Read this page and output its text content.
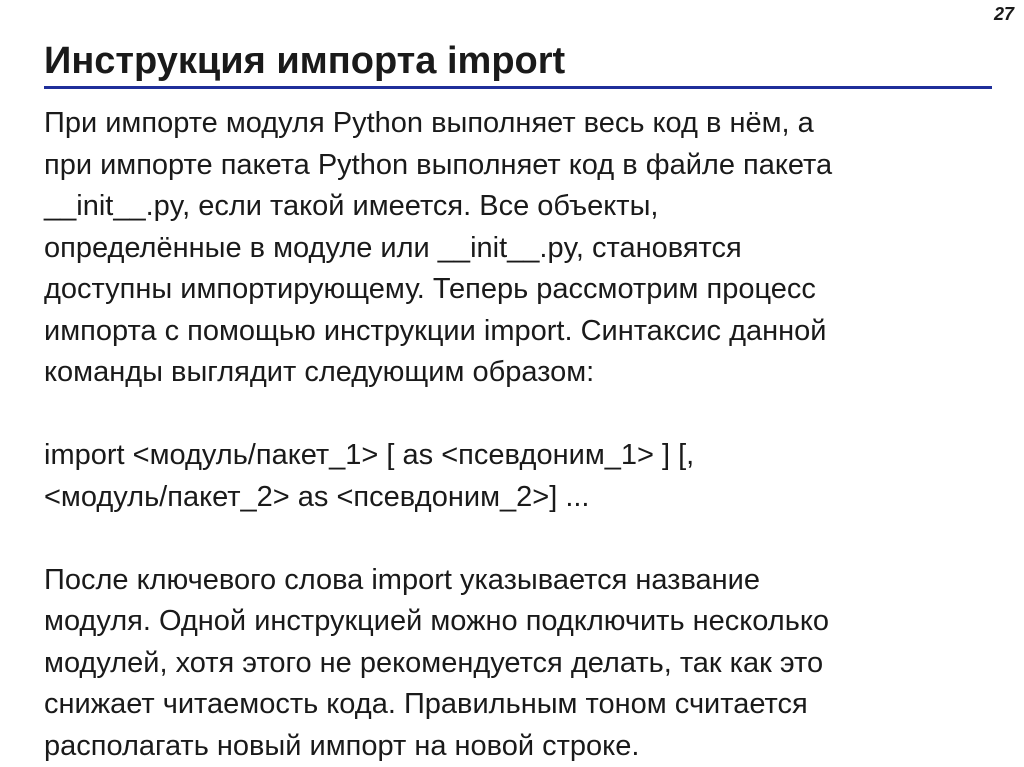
27
Инструкция импорта import
При импорте модуля Python выполняет весь код в нём, а
при импорте пакета Python выполняет код в файле пакета
__init__.py, если такой имеется. Все объекты,
определённые в модуле или __init__.py, становятся
доступны импортирующему. Теперь рассмотрим процесс
импорта с помощью инструкции import. Синтаксис данной
команды выглядит следующим образом:
import <модуль/пакет_1> [ as <псевдоним_1> ] [,
<модуль/пакет_2> as <псевдоним_2>] ...
После ключевого слова import указывается название
модуля. Одной инструкцией можно подключить несколько
модулей, хотя этого не рекомендуется делать, так как это
снижает читаемость кода. Правильным тоном считается
располагать новый импорт на новой строке.
